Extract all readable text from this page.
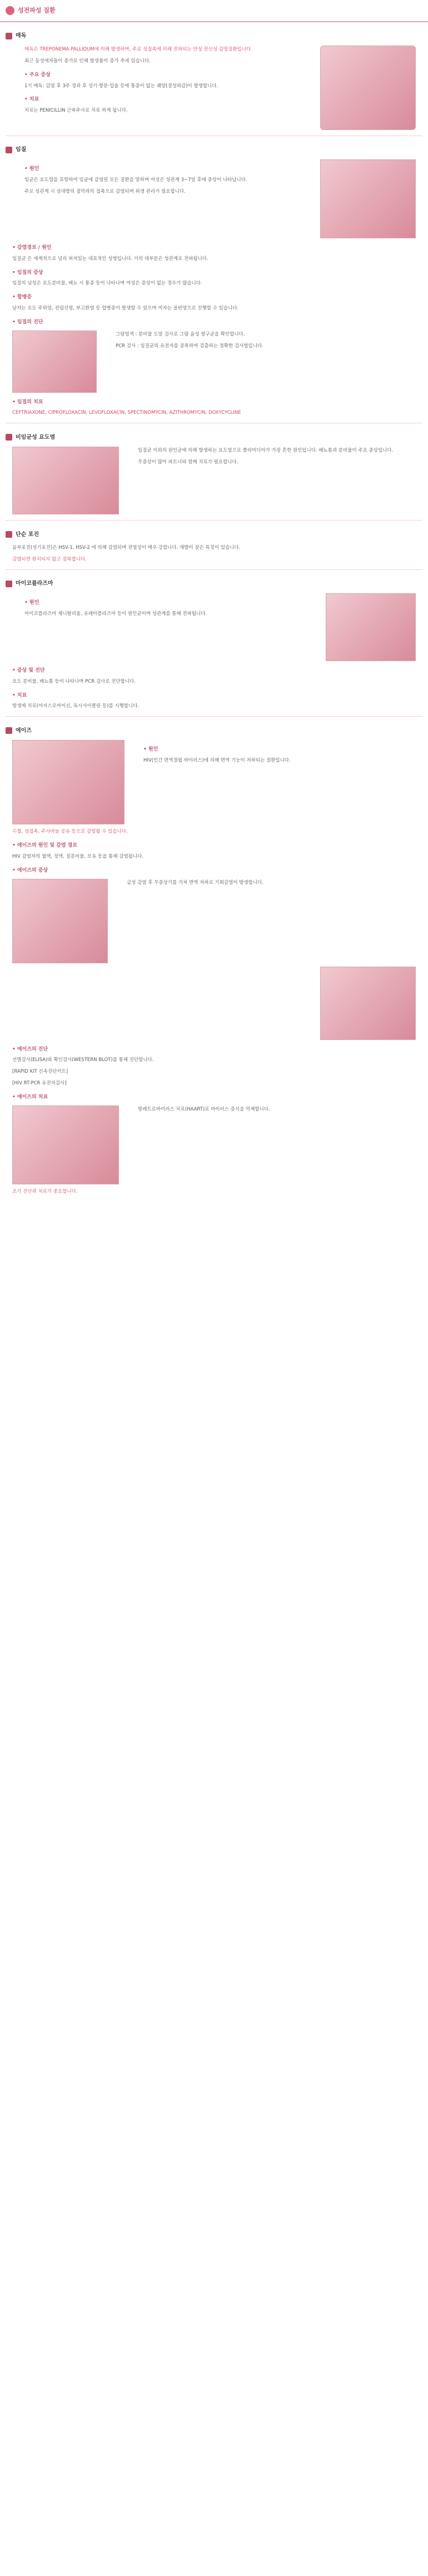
성전파성 질환
매독
매독은 TREPONEMA PALLIDUM에 의해 발생하며, 주로 성접촉에 의해 전파되는 만성 전신성 감염질환입니다.
최근 동성애자들이 증가로 인해 발생률이 증가 추세 있습니다.
• 주요 증상
1기 매독: 감염 후 3주 경과 후 성기·항문·입술 등에 통증이 없는 궤양(경성하감)이 발생합니다.
• 치료
치료는 PENICILLIN 근육주사로 치료 하게 됩니다.
임질
• 원인
임균은 요도염을 포함하여 임균에 감염된 모든 질환을 말하며 여성은 성관계 3~7일 후에 증상이 나타납니다.
주로 성관계 시 상대방의 점막과의 접촉으로 감염되며 위생 관리가 필요합니다.
• 감염경로 / 원인
임질균 은 세계적으로 널리 퍼져있는 대표적인 성병입니다. 거의 대부분은 성관계로 전파됩니다.
• 임질의 증상
임질의 남성은 요도분비물, 배뇨 시 통증 등이 나타나며 여성은 증상이 없는 경우가 많습니다.
• 합병증
남자는 요도 주위염, 전립선염, 부고환염 등 합병증이 발생할 수 있으며 여자는 골반염으로 진행할 수 있습니다.
• 임질의 진단
그람염색 : 분비물 도말 검사로 그람 음성 쌍구균을 확인합니다.
PCR 검사 : 임질균의 유전자를 증폭하여 검출하는 정확한 검사법입니다.
• 임질의 치료
CEFTRIAXONE, CIPROFLOXACIN, LEVOFLOXACIN, SPECTINOMYCIN, AZITHROMYCIN, DOXYCYCLINE
비임균성 요도염
임질균 이외의 원인균에 의해 발생하는 요도염으로 클라미디아가 가장 흔한 원인입니다. 배뇨통과 분비물이 주요 증상입니다.
무증상이 많아 파트너와 함께 치료가 필요합니다.
단순 포진
음부포진(성기포진)은 HSV-1, HSV-2 에 의해 감염되며 전염성이 매우 강합니다. 재발이 잦은 특징이 있습니다.
감염되면 완치되지 않고 잠복합니다.
마이코플라즈마
• 원인
마이코플라즈마 제니탈리움, 유레아플라즈마 등이 원인균이며 성관계를 통해 전파됩니다.
• 증상 및 진단
요도 분비물, 배뇨통 등이 나타나며 PCR 검사로 진단합니다.
• 치료
항생제 치료(아지스로마이신, 독시사이클린 등)를 시행합니다.
에이즈
• 원인
HIV(인간 면역결핍 바이러스)에 의해 면역 기능이 저하되는 질환입니다.
수혈, 성접촉, 주사바늘 공유 등으로 감염될 수 있습니다.
• 에이즈의 원인 및 감염 경로
HIV 감염자의 혈액, 정액, 질분비물, 모유 등을 통해 감염됩니다.
• 에이즈의 증상
급성 감염 후 무증상기를 거쳐 면역 저하로 기회감염이 발생합니다.
• 에이즈의 진단
선별검사(ELISA)와 확인검사(WESTERN BLOT)를 통해 진단합니다.
[RAPID KIT 신속진단키트]
[HIV RT-PCR 유전자검사]
• 에이즈의 치료
항레트로바이러스 치료(HAART)로 바이러스 증식을 억제합니다.
조기 진단과 치료가 중요합니다.
